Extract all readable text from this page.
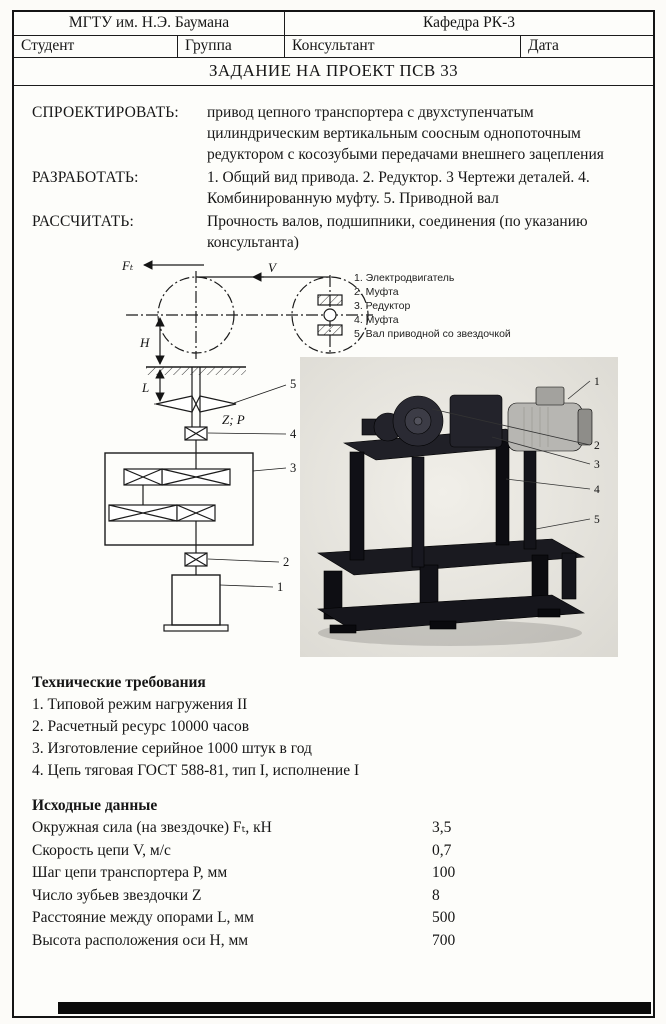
МГТУ им. Н.Э. Баумана	Кафедра РК-3
Студент	Группа	Консультант	Дата
ЗАДАНИЕ НА ПРОЕКТ ПСВ 33
СПРОЕКТИРОВАТЬ:	привод цепного транспортера с двухступенчатым цилиндрическим вертикальным соосным однопоточным редуктором с косозубыми передачами внешнего зацепления
РАЗРАБОТАТЬ:	1. Общий вид привода. 2. Редуктор. 3 Чертежи деталей. 4. Комбинированную муфту. 5. Приводной вал
РАССЧИТАТЬ:	Прочность валов, подшипники, соединения (по указанию консультанта)
Fₜ	V
H
L
Z; P
5
4
3
2
1
1. Электродвигатель
2. Муфта
3. Редуктор
4. Муфта
5. Вал приводной со звездочкой
1
2
3
4
5
Технические требования
1. Типовой режим нагружения II
2. Расчетный ресурс 10000 часов
3. Изготовление серийное 1000 штук в год
4. Цепь тяговая ГОСТ 588-81, тип I, исполнение I
Исходные данные
Окружная сила (на звездочке) Fₜ, кН	3,5
Скорость цепи V, м/с	0,7
Шаг цепи транспортера P, мм	100
Число зубьев звездочки Z	8
Расстояние между опорами L, мм	500
Высота расположения оси H, мм	700
